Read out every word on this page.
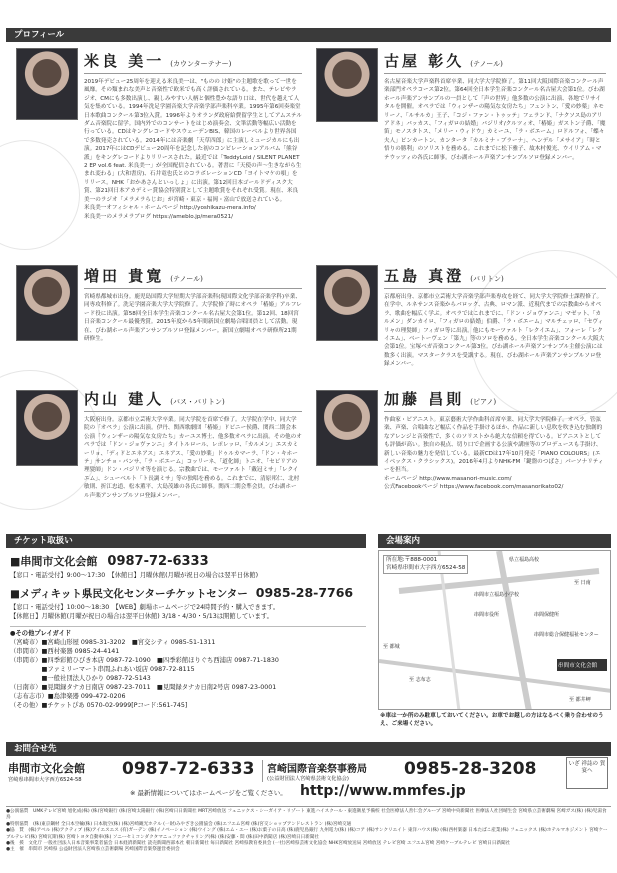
プロフィール
米良 美一 (カウンターテナー)
2019年デビュー25周年を迎える米良美一は、"ものの け姫"の主題歌を歌って一世を風靡。その類まれな美声と音楽性で欧米でも高く評価されている。また、テレビやラジオ、CMにも多数出演し、親しみやすい人柄と個性豊かな語り口は、世代を越えて人気を集めている。1994年洗足学園音楽大学音楽学部声楽科卒業。1995年第6回奏楽堂日本歌曲コンクール第3位入賞。1996年よりオランダ政府給費留学生としてアムステルダム音楽院に留学。国内外でのコンサートをはじめ演奏会、文筆活動等幅広い活動を行っている。CDはキングレコードやスウェーデンBIS、韓国のレーベルより世界各国で多数発売されている。2014年には音楽劇「天草四郎」に主演しミュージカルにも出演。2017年にはCDデビュー20周年を記念した初のコンピレーションアルバム「熊谷派」をキングレコードよりリリースされた。最近では「TeddyLoid / SILENT PLANET 2 EP vol.6 feat. 米良美一」が全国配信されている。著書に「天使の声～生きながら生まれ変わる」(大和書房)、石井竜也氏とのコラボレーションCD「ヨイトマケの唄」をリリース。NHK「おかあさんといっしょ」に出演。第12回日本ゴールドディスク大賞、第21回日本アカデミー賞協会特別賞として主題歌賞をそれぞれ受賞。現在、米良美一のラジオ「メラメラらじお」が宮崎・東京・福岡・富山で放送されている。
米良美一オフィシャル・ホームページ http://yoshikazu-mera.info/
米良美一のメラメラブログ https://ameblo.jp/mera0521/
古屋 彰久 (テノール)
名古屋音楽大学声楽科首席卒業、同大学大学院修了。第11回大阪国際音楽コンクール声楽部門オペラコース第2位。第64回全日本学生音楽コンクール名古屋大会第1位。びわ湖ホール声楽アンサンブルの一員として「声の世界」他多数の公演に出演、各地でリサイタルを開催。オペラでは「ウィンザーの陽気な女房たち」フェントン、「愛の妙薬」ネモリーノ、「ルサルカ」王子、「コジ・ファン・トゥッテ」フェランド、「ナクソス島のアリアドネ」バッカス、「フィガロの結婚」バジリオ/クルツィオ、「椿姫」ガストン子爵、「魔笛」モノスタトス、「メリー・ウィドウ」カミーユ、「ラ・ボエーム」ロドルフォ、「蝶々夫人」ピンカートン、カンタータ「カルミナ・ブラーナ」、ヘンデル「メサイア」「時と悟りの勝利」のソリストを務める。これまでに松下雅子、故木村俊光、ウイリアム・マテウッツィの各氏に師事。びわ湖ホール声楽アンサンブルソロ登録メンバー。
増田 貴寛 (テノール)
宮崎県都城市出身。鹿児島国際大学短期大学部音楽科(現国際文化学部音楽学科)卒業、同専攻科修了。洗足学園音楽大学大学院修了。大学院修了時にオペラ「椿姫」アルフレード役に出演。第58回全日本学生音楽コンクール名古屋大会第1位。第12回、18回宮日音楽コンクール最優秀賞。2015年度から5年間新国立劇場合唱団員として活動。現在、びわ湖ホール声楽アンサンブルソロ登録メンバー。新国立劇場オペラ研修所21期研修生。
五島 真澄 (バリトン)
京都府出身、京都市立芸術大学音楽学部声楽専攻を経て、同大学大学院修士課程修了。在学中、ルネサンス音楽からバロック、古典、ロマン派、近現代までの宗教曲からオペラ、歌曲を幅広く学ぶ。オペラではこれまでに、「ドン・ジョヴァンニ」マゼット、「カルメン」ダンカイロ、「フィガロの結婚」伯爵、「ラ・ボエーム」マルチェッロ、「セヴィリャの理髪師」フィガロ等に出演。他にもモーツァルト「レクイエム」、フォーレ「レクイエム」、ベートーヴェン「第九」等のソロを務める。全日本学生音楽コンクール大阪大会第1位。宝塚ベガ音楽コンクール第3位。びわ湖ホール声楽アンサンブル主催公演には数多く出演。マスタークラスを受講する。現在、びわ湖ホール声楽アンサンブルソロ登録メンバー。
内山 建人 (バス・バリトン)
大阪府出身。京都市立芸術大学卒業。同大学院を首席で修了。大学院在学中、同大学院の「オペラ」公演に出演。伊丹、関西歌劇団「椿姫」ドビニー侯爵、関西二期会本公演「ウィンザーの陽気な女房たち」カーユス博士、他多数オペラに出演。その他のオペラでは「ドン・ジョヴァンニ」タイトルロール、レポレッロ、「カルメン」エスカミーリョ、「ディドとエネアス」エネアス、「愛の妙薬」ドゥルカマーラ、「ドン・キホーテ」サンチョ・パンサ、「ラ・ボエーム」コッリーネ、「道化師」トニオ、「セビリアの理髪師」ドン・バジリオ等を演じる。宗教曲では、モーツァルト「戴冠ミサ」「レクイエム」、シューベルト「ト長調ミサ」等の独唱を務める。これまでに、清原邦仁、北村敏則、折江忠道、松本薫平、大島茂雄の各氏に師事。関西二期会準会員。びわ湖ホール声楽アンサンブルソロ登録メンバー。
加藤 昌則 (ピアノ)
作曲家・ピアニスト。東京藝術大学作曲科首席卒業、同大学大学院修了。オペラ、管弦楽、声楽、合唱曲など幅広く作品を手掛けるほか、作品に新しい息吹を吹き込む独創的なアレンジと音楽性で、多くのソリストから絶大な信頼を得ている。ピアニストとしても評価が高い。独自の視点、切り口で企画する公演や講座等のプロデュースも手掛け、新しい音楽の魅力を発信している。最新CDは17年10月発売「PIANO COLOURS」(エイベックス・クラシックス)。2016年4月よりNHK-FM「鍵盤のつばさ」パーソナリティーを担当。
ホームページ http://www.masanori-music.com/
公式Facebookページ https://www.facebook.com/masanorikato02/
チケット取扱い
■串間市文化会館 0987-72-6333
【窓口・電話受付】9:00〜17:30　【休館日】月曜休館(月曜が祝日の場合は翌平日休館)
■メディキット県民文化センターチケットセンター 0985-28-7766
【窓口・電話受付】10:00〜18:30　【WEB】劇場ホームページで24時間予約・購入できます。
【休館日】月曜休館(月曜が祝日の場合は翌平日休館) 3/18・4/30・5/13は開館しています。
●その他プレイガイド
（宮崎市）■宮崎山形屋 0985-31-3202　■宮交シティ 0985-51-1311
（串間市）■西村楽器 0985-24-4141
（串間市）■四季彩館ひびき本店 0987-72-1090　■四季彩館ほりぐち西浦店 0987-71-1830
　　　　　■ファミリーマート串間ふれあい坂店 0987-72-8115
　　　　　■一般社団法人ひかり 0987-72-5143
（日南市）■見聞録タナカ日南店 0987-23-7011　■見聞録タナカ日南2号店 0987-23-0001
（志布志市）■島津楽器 099-472-0206
（その他）■チケットぴあ 0570-02-9999[Pコード:561-745]
会場案内
所在地:〒888-0001
宮崎県串間市大字西方6524-58
串間市文化会館
県立福島高校
串間市役所
串間市立福島小学校
串間保健所
串間市総合保健福祉センター
至 都城
至 日南
至 志布志
至 都井岬
※車は一か所のみ駐車しておいてください。お車でお越しの方はなるべく乗り合わせのうえ、ご来場ください。
お問合せ先
串間市文化会館
宮崎県串間市大字西方6524-58
0987-72-6333 宮崎国際音楽祭事務局
(公益財団法人宮崎県芸術文化協会)	0985-28-3208	いざ 祥誌の 賀宴へ
※ 最新情報についてはホームページをご覧ください。 http://www.mmfes.jp
●公演協賛　UMKテレビ宮崎 旭化成(株) (株)宮崎銀行 (株)宮崎太陽銀行 (株)宮崎日日新聞社 MRT宮崎放送 フェニックス・シーガイア・リゾート 東進ハイスクール・東進衛星予備校 社会医療法人善仁会グループ 宮崎中央新聞社 医療法人社団晴生会 宮崎県立芸術劇場 宮崎ガス(株) (株)児湯食鳥
●特別協賛　(株)東京鋼材 全日本空輸(株) 日本航空(株) (株)宮崎観光ホテル (一財)みやざき公園協会 (株)エフエム宮崎 (株)宮交ショップアンドレストラン (株)宮崎交通
●協　賛　(株)アベル (株)アクティブ (株)アイエスエス (有)ガーデン (株)イノベーション (株)ウイング (株)エム・エー (株)お菓子の日高 (株)鹿児島銀行 九州電力(株) (株)コア (株)サンクリエイト 東洋ハウス(株) (株)西村楽器 日本たばこ産業(株) フェニックス (株)ホテルマネジメント 宮崎ケーブルテレビ(株) 宮崎瓦斯(株) 宮崎トヨタ自動車(株) ソニーセミコンダクタマニュファクチャリング(株) (株)安藤・間 (株)田中新聞店 (株)宮崎日日新聞社
●後　援　文化庁 一般社団法人日本音楽事業者協会 日本経済新聞社 読売新聞西部本社 朝日新聞社 毎日新聞社 宮崎県教育委員会 (一社)宮崎県芸術文化協会 NHK宮崎放送局 宮崎放送 テレビ宮崎 エフエム宮崎 宮崎ケーブルテレビ 宮崎日日新聞社
●主　催　串間市 宮崎県 公益財団法人宮崎県立芸術劇場 宮崎国際音楽祭運営委員会
